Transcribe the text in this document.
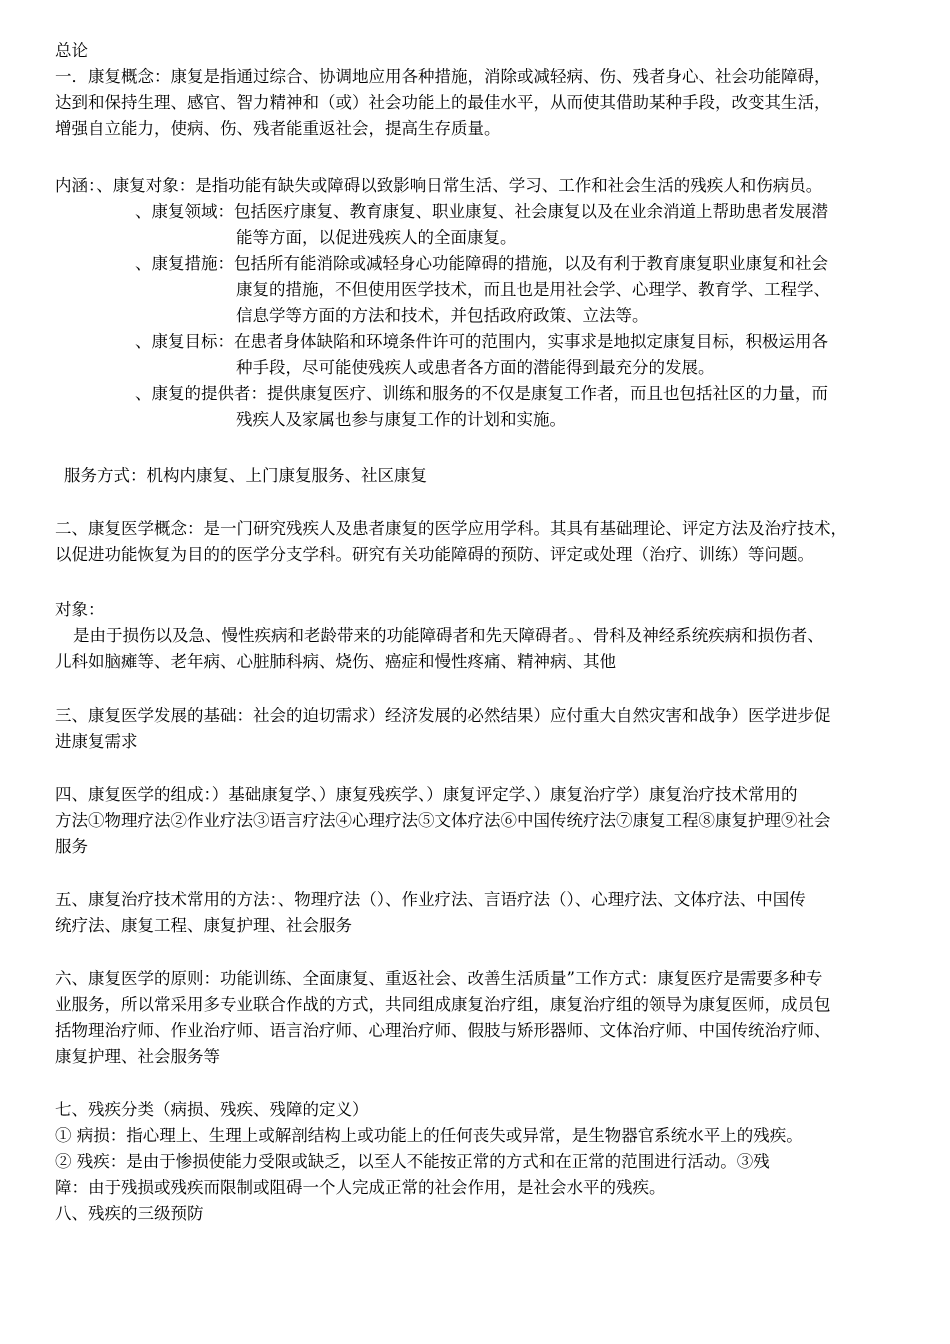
总论
一．康复概念：康复是指通过综合、协调地应用各种措施，消除或减轻病、伤、残者身心、社会功能障碍，
达到和保持生理、感官、智力精神和（或）社会功能上的最佳水平，从而使其借助某种手段，改变其生活，
增强自立能力，使病、伤、残者能重返社会，提高生存质量。
内涵：、康复对象：是指功能有缺失或障碍以致影响日常生活、学习、工作和社会生活的残疾人和伤病员。
、康复领域：包括医疗康复、教育康复、职业康复、社会康复以及在业余消道上帮助患者发展潜
能等方面，以促进残疾人的全面康复。
、康复措施：包括所有能消除或减轻身心功能障碍的措施，以及有利于教育康复职业康复和社会
康复的措施，不但使用医学技术，而且也是用社会学、心理学、教育学、工程学、
信息学等方面的方法和技术，并包括政府政策、立法等。
、康复目标：在患者身体缺陷和环境条件许可的范围内，实事求是地拟定康复目标，积极运用各
种手段，尽可能使残疾人或患者各方面的潜能得到最充分的发展。
、康复的提供者：提供康复医疗、训练和服务的不仅是康复工作者，而且也包括社区的力量，而
残疾人及家属也参与康复工作的计划和实施。
服务方式：机构内康复、上门康复服务、社区康复
二、康复医学概念：是一门研究残疾人及患者康复的医学应用学科。其具有基础理论、评定方法及治疗技术，
以促进功能恢复为目的的医学分支学科。研究有关功能障碍的预防、评定或处理（治疗、训练）等问题。
对象：
是由于损伤以及急、慢性疾病和老龄带来的功能障碍者和先天障碍者。、骨科及神经系统疾病和损伤者、
儿科如脑瘫等、老年病、心脏肺科病、烧伤、癌症和慢性疼痛、精神病、其他
三、康复医学发展的基础：社会的迫切需求）经济发展的必然结果）应付重大自然灾害和战争）医学进步促
进康复需求
四、康复医学的组成：）基础康复学、）康复残疾学、）康复评定学、）康复治疗学）康复治疗技术常用的
方法①物理疗法②作业疗法③语言疗法④心理疗法⑤文体疗法⑥中国传统疗法⑦康复工程⑧康复护理⑨社会
服务
五、康复治疗技术常用的方法：、物理疗法（）、作业疗法、言语疗法（）、心理疗法、文体疗法、中国传
统疗法、康复工程、康复护理、社会服务
六、康复医学的原则：功能训练、全面康复、重返社会、改善生活质量”工作方式：康复医疗是需要多种专
业服务，所以常采用多专业联合作战的方式，共同组成康复治疗组，康复治疗组的领导为康复医师，成员包
括物理治疗师、作业治疗师、语言治疗师、心理治疗师、假肢与矫形器师、文体治疗师、中国传统治疗师、
康复护理、社会服务等
七、残疾分类（病损、残疾、残障的定义）
① 病损：指心理上、生理上或解剖结构上或功能上的任何丧失或异常，是生物器官系统水平上的残疾。
② 残疾：是由于惨损使能力受限或缺乏，以至人不能按正常的方式和在正常的范围进行活动。③残
障：由于残损或残疾而限制或阻碍一个人完成正常的社会作用，是社会水平的残疾。
八、残疾的三级预防
